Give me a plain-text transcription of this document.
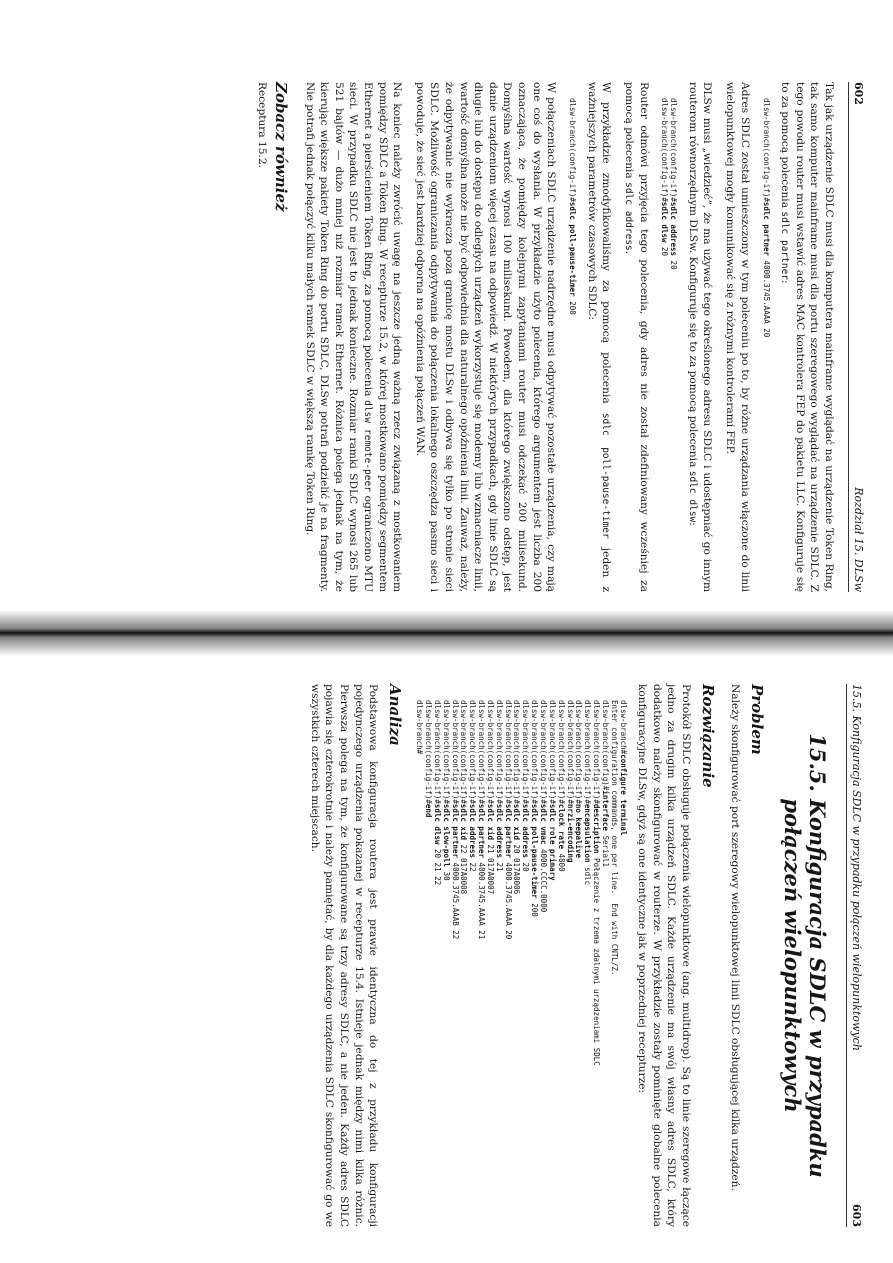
602
Rozdział 15. DLSw

Tak jak urządzenie SDLC musi dla komputera mainframe wyglądać na urządzenie Token Ring, tak samo komputer mainframe musi dla portu szeregowego wyglądać na urządzenie SDLC. Z tego powodu router musi wstawić adres MAC kontrolera FEP do pakietu LLC. Konfiguruje się to za pomocą polecenia sdlc partner:

dlsw-branch(config-if)#sdlc partner 4000.3745.AAAA 20

Adres SDLC został umieszczony w tym poleceniu po to, by różne urządzania włączone do linii wielopunktowej mogły komunikować się z różnymi kontrolerami FEP.

DLSw musi „wiedzieć”, że ma używać tego określonego adresu SDLC i udostępniać go innym routerom równorzędnym DLSw. Konfiguruje się to za pomocą polecenia sdlc dlsw:

dlsw-branch(config-if)#sdlc address 20
dlsw-branch(config-if)#sdlc dlsw 20

Router odmówi przyjęcia tego polecenia, gdy adres nie został zdefiniowany wcześniej za pomocą polecenia sdlc address.

W przykładzie zmodyfikowaliśmy za pomocą polecenia sdlc poll-pause-timer jeden z ważniejszych parametrów czasowych SDLC:

dlsw-branch(config-if)#sdlc poll-pause-timer 200

W połączeniach SDLC urządzenie nadrzędne musi odpytywać pozostałe urządzenia, czy mają one coś do wysłania. W przykładzie użyto polecenia, którego argumentem jest liczba 200 oznaczająca, że pomiędzy kolejnymi zapytaniami router musi odczekać 200 milisekund. Domyślna wartość wynosi 100 milisekund. Powodem, dla którego zwiększono odstęp, jest danie urządzeniom więcej czasu na odpowiedź. W niektórych przypadkach, gdy linie SDLC są długie lub do dostępu do odległych urządzeń wykorzystuje się modemy lub wzmacniacze linii, wartość domyślna może nie być odpowiednia dla naturalnego opóźnienia linii. Zauważ, należy, że odpytywanie nie wykracza poza granicę mostu DLSw i odbywa się tylko po stronie sieci SDLC. Możliwość ograniczania odpytywania do połączenia lokalnego oszczędza pasmo sieci i powoduje, że sieć jest bardziej odporna na opóźnienia połączeń WAN.

Na koniec należy zwrócić uwagę na jeszcze jedną ważną rzecz związaną z mostkowaniem pomiędzy SDLC a Token Ring. W recepturze 15.2, w której mostkowano pomiędzy segmentem Ethernet a pierścieniem Token Ring, za pomocą polecenia dlsw remote-peer ograniczono MTU sieci. W przypadku SDLC nie jest to jednak konieczne. Rozmiar ramki SDLC wynosi 265 lub 521 bajtów — dużo mniej niż rozmiar ramek Ethernet. Różnica polega jednak na tym, że kierując większe pakiety Token Ring do portu SDLC, DLSw potrafi podzielić je na fragmenty. Nie potrafi jednak połączyć kilku małych ramek SDLC w większą ramkę Token Ring.

Zobacz również
Receptura 15.2.
15.5. Konfiguracja SDLC w przypadku połączeń wielopunktowych
603
15.5. Konfiguracja SDLC w przypadku połączeń wielopunktowych
Problem

Należy skonfigurować port szeregowy wielopunktowej linii SDLC obsługującej kilka urządzeń.

Rozwiązanie

Protokół SDLC obsługuje połączenia wielopunktowe (ang. multidrop). Są to linie szeregowe łączące jedno za drugim kilka urządzeń SDLC. Każde urządzenie ma swój własny adres SDLC, który dodatkowo należy skonfigurować w routerze. W przykładzie zostały pominięte globalne polecenia konfiguracyjne DLSw, gdyż są one identyczne jak w poprzedniej recepturze:

dlsw-branch#configure terminal
Enter configuration commands, one per line.  End with CNTL/Z.
dlsw-branch(config)#interface Serial1
dlsw-branch(config-if)#description Połączenie z trzema zdalnymi urządzeniami SDLC
dlsw-branch(config-if)#encapsulation sdlc
dlsw-branch(config-if)#no keepalive
dlsw-branch(config-if)#nrzi-encoding
dlsw-branch(config-if)#clock rate 4800
dlsw-branch(config-if)#sdlc role primary
dlsw-branch(config-if)#sdlc vmac 4000.CCCC.0000
dlsw-branch(config-if)#sdlc poll-pause-timer 200
dlsw-branch(config-if)#sdlc address 20
dlsw-branch(config-if)#sdlc xid 20 017A0006
dlsw-branch(config-if)#sdlc partner 4000.3745.AAAA 20
dlsw-branch(config-if)#sdlc address 21
dlsw-branch(config-if)#sdlc xid 21 017A0007
dlsw-branch(config-if)#sdlc partner 4000.3745.AAAA 21
dlsw-branch(config-if)#sdlc address 22
dlsw-branch(config-if)#sdlc xid 22 017A0008
dlsw-branch(config-if)#sdlc partner 4000.3745.AAAB 22
dlsw-branch(config-if)#sdlc slow-poll 30
dlsw-branch(config-if)#sdlc dlsw 20 21 22
dlsw-branch(config-if)#end
dlsw-branch#
Analiza

Podstawowa konfiguracja routera jest prawie identyczna do tej z przykładu konfiguracji pojedynczego urządzenia pokazanej w recepturze 15.4. Istnieje jednak między nimi kilka różnic. Pierwsza polega na tym, że konfigurowane są trzy adresy SDLC, a nie jeden. Każdy adres SDLC pojawia się czterokrotnie i należy pamiętać, by dla każdego urządzenia SDLC skonfigurować go we wszystkich czterech miejscach.
